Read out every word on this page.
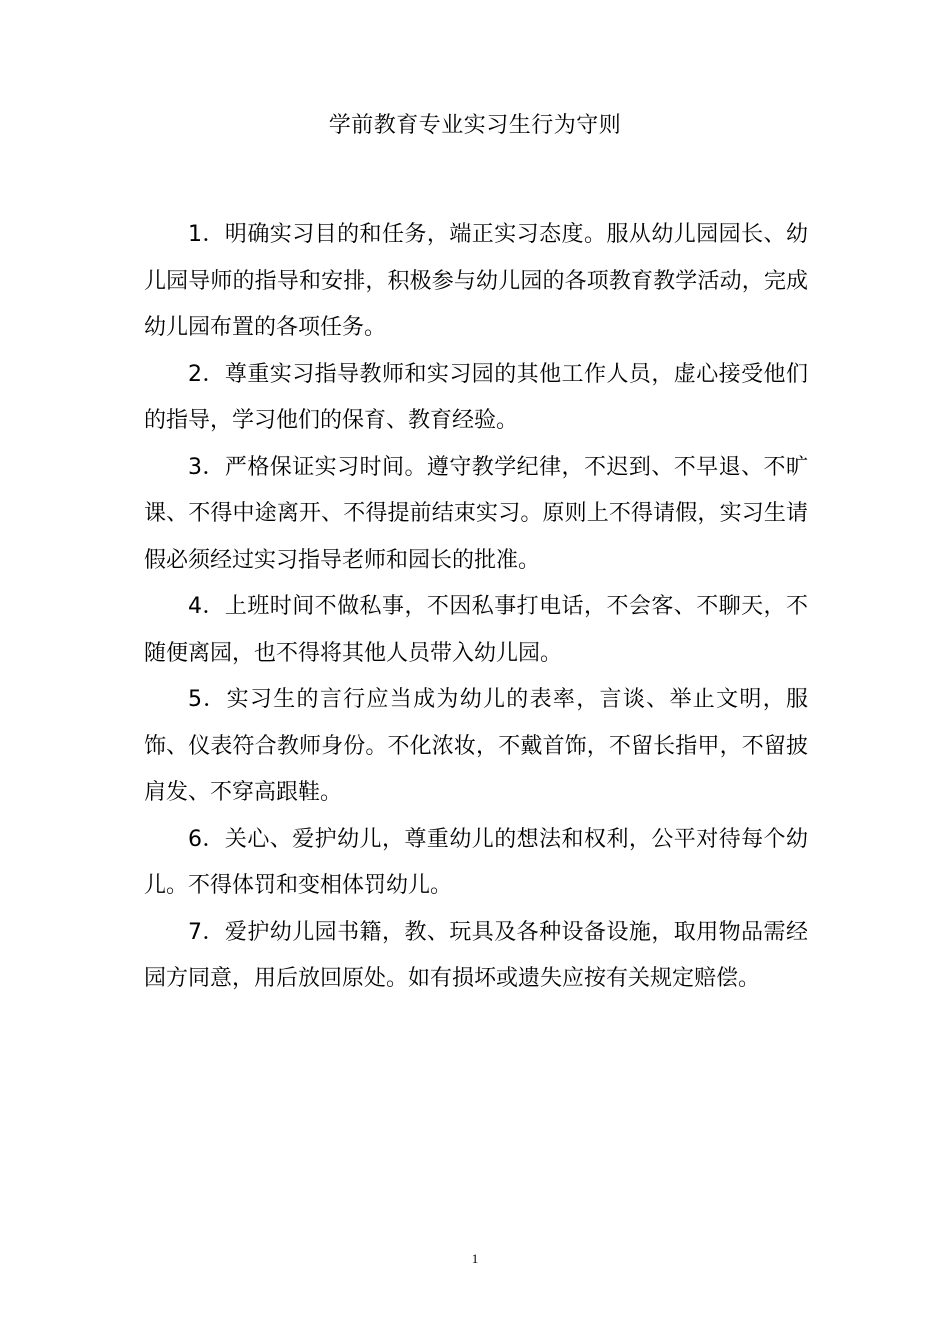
学前教育专业实习生行为守则

1．明确实习目的和任务，端正实习态度。服从幼儿园园长、幼儿园导师的指导和安排，积极参与幼儿园的各项教育教学活动，完成幼儿园布置的各项任务。

2．尊重实习指导教师和实习园的其他工作人员，虚心接受他们的指导，学习他们的保育、教育经验。

3．严格保证实习时间。遵守教学纪律，不迟到、不早退、不旷课、不得中途离开、不得提前结束实习。原则上不得请假，实习生请假必须经过实习指导老师和园长的批准。

4．上班时间不做私事，不因私事打电话，不会客、不聊天，不随便离园，也不得将其他人员带入幼儿园。

5．实习生的言行应当成为幼儿的表率，言谈、举止文明，服饰、仪表符合教师身份。不化浓妆，不戴首饰，不留长指甲，不留披肩发、不穿高跟鞋。

6．关心、爱护幼儿，尊重幼儿的想法和权利，公平对待每个幼儿。不得体罚和变相体罚幼儿。

7．爱护幼儿园书籍，教、玩具及各种设备设施，取用物品需经园方同意，用后放回原处。如有损坏或遗失应按有关规定赔偿。

1
